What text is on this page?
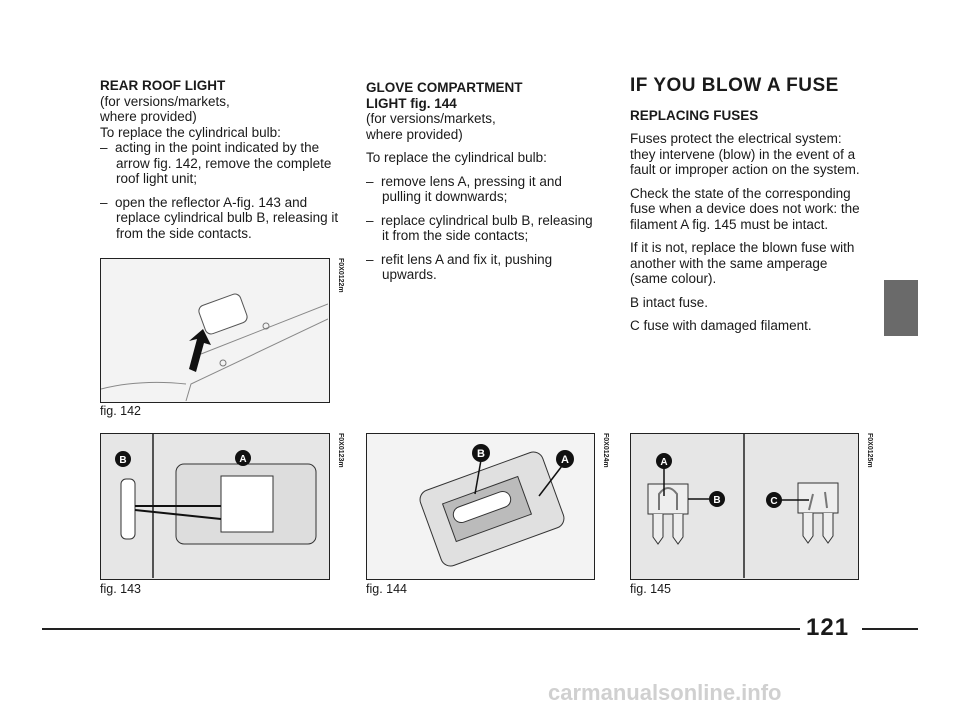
REAR ROOF LIGHT

(for versions/markets,

where provided)

To replace the cylindrical bulb:

–  acting in the point indicated by the arrow fig. 142, remove the complete roof light unit;

–  open the reflector A-fig. 143 and replace cylindrical bulb B, releasing it from the side contacts.

GLOVE COMPARTMENT LIGHT fig. 144

(for versions/markets,

where provided)

To replace the cylindrical bulb:

–  remove lens A, pressing it and pulling it downwards;

–  replace cylindrical bulb B, releasing it from the side contacts;

–  refit lens A and fix it, pushing upwards.

IF YOU BLOW A FUSE

REPLACING FUSES

Fuses protect the electrical system: they intervene (blow) in the event of a fault or improper action on the system.

Check the state of the corresponding fuse when a device does not work: the filament A fig. 145 must be intact.

If it is not, replace the blown fuse with another with the same amperage (same colour).

B intact fuse.

C fuse with damaged filament.

F0X0122m
fig. 142
B	A	F0X0123m
fig. 143
B	A	F0X0124m
fig. 144
A
B	C
F0X0125m
fig. 145
121
carmanualsonline.info
